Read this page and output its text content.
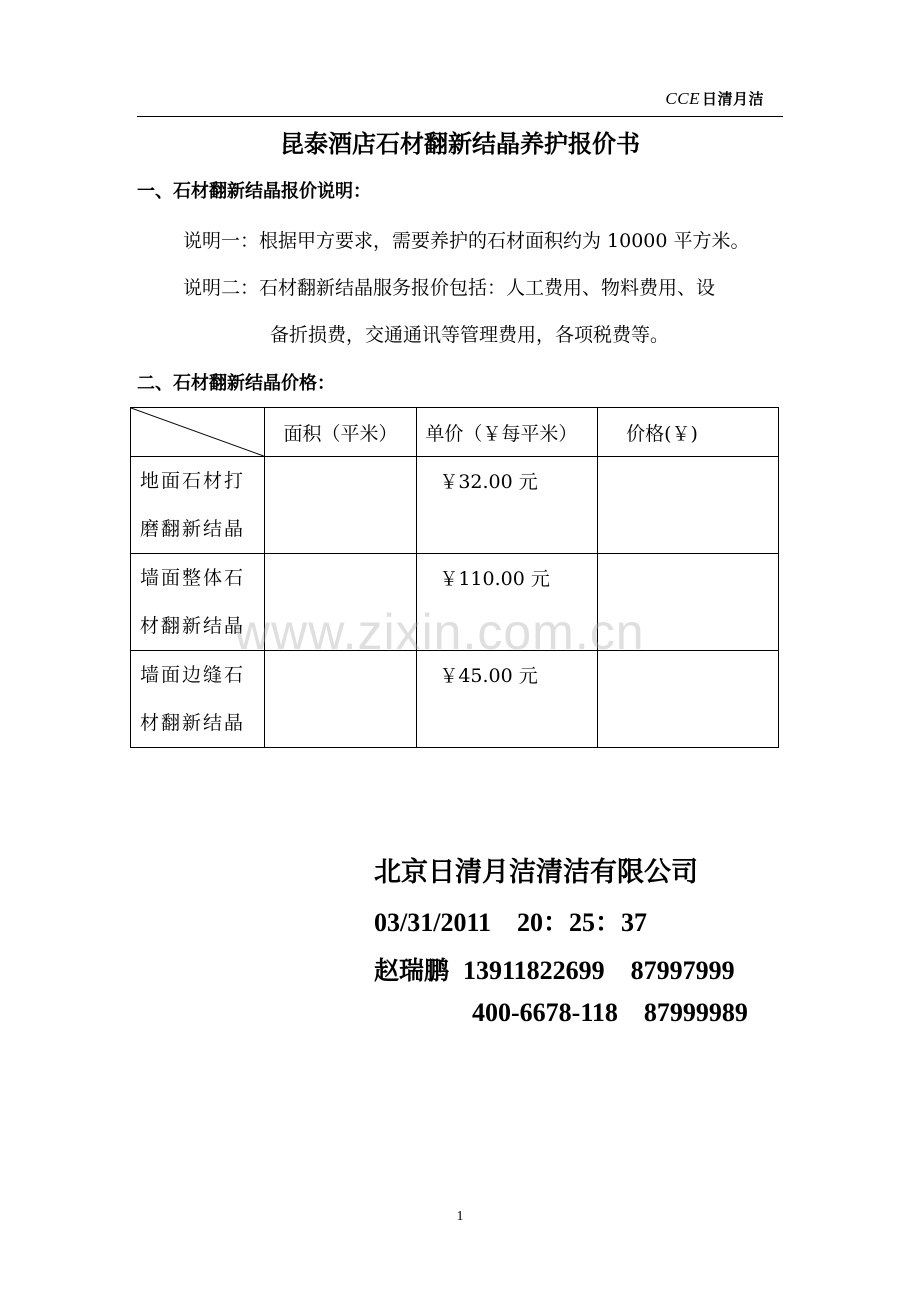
CCE 日清月洁
昆泰酒店石材翻新结晶养护报价书
一、石材翻新结晶报价说明：
说明一：根据甲方要求，需要养护的石材面积约为 10000 平方米。
说明二：石材翻新结晶服务报价包括：人工费用、物料费用、设
备折损费，交通通讯等管理费用，各项税费等。
二、石材翻新结晶价格：
	面积（平米）	单价（￥每平米）	价格(￥)

地面石材打
磨翻新结晶		￥32.00 元	

墙面整体石
材翻新结晶		￥110.00 元	

墙面边缝石
材翻新结晶		￥45.00 元	

www.zixin.com.cn
北京日清月洁清洁有限公司
03/31/2011 20：25：37
赵瑞鹏 13911822699 87997999
400-6678-118 87999989
1
